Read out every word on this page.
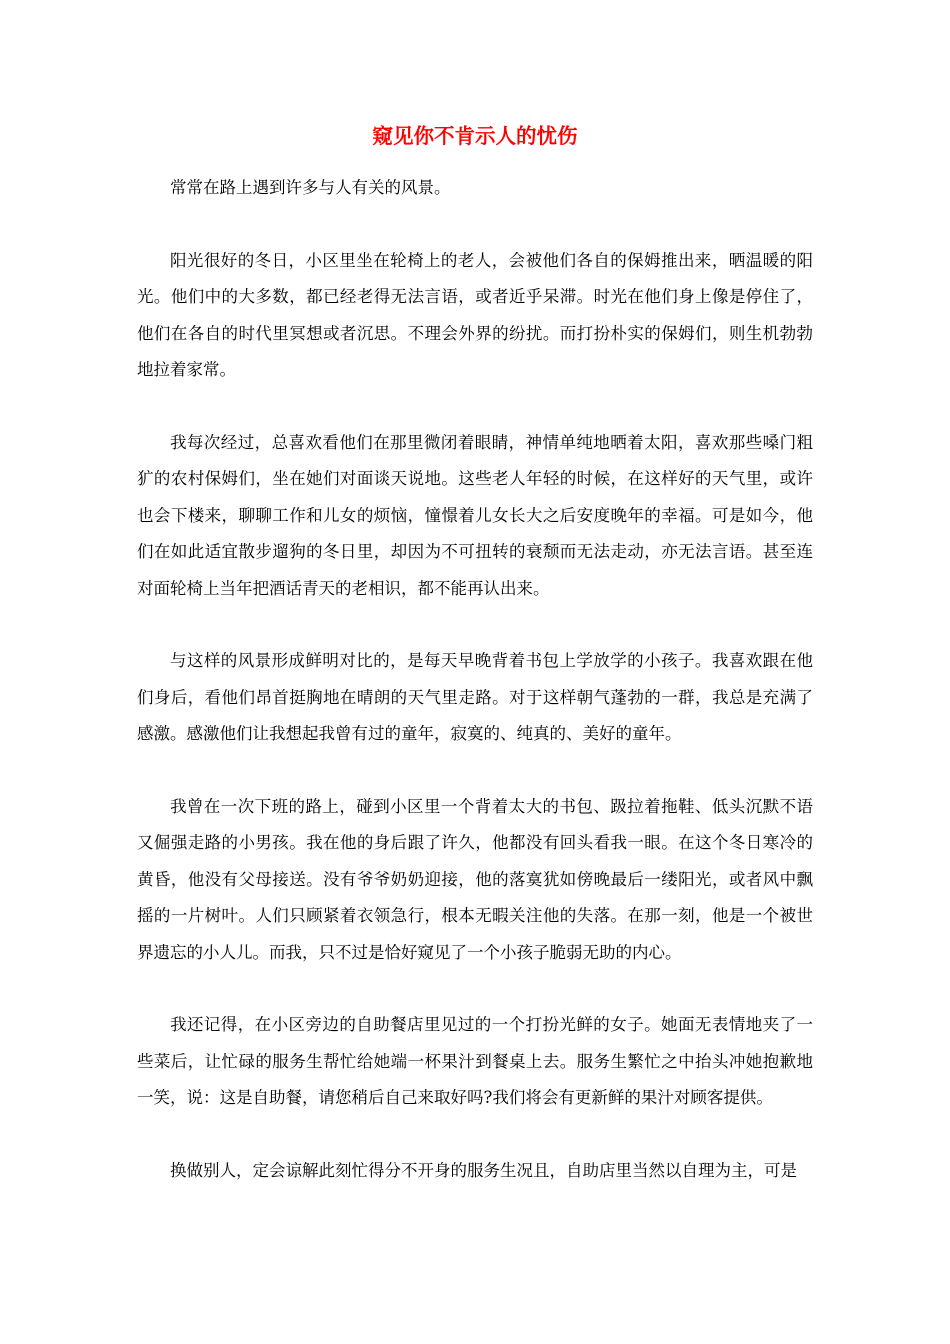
窥见你不肯示人的忧伤

常常在路上遇到许多与人有关的风景。

阳光很好的冬日，小区里坐在轮椅上的老人，会被他们各自的保姆推出来，晒温暖的阳光。他们中的大多数，都已经老得无法言语，或者近乎呆滞。时光在他们身上像是停住了，他们在各自的时代里冥想或者沉思。不理会外界的纷扰。而打扮朴实的保姆们，则生机勃勃地拉着家常。

我每次经过，总喜欢看他们在那里微闭着眼睛，神情单纯地晒着太阳，喜欢那些嗓门粗犷的农村保姆们，坐在她们对面谈天说地。这些老人年轻的时候，在这样好的天气里，或许也会下楼来，聊聊工作和儿女的烦恼，憧憬着儿女长大之后安度晚年的幸福。可是如今，他们在如此适宜散步遛狗的冬日里，却因为不可扭转的衰颓而无法走动，亦无法言语。甚至连对面轮椅上当年把酒话青天的老相识，都不能再认出来。

与这样的风景形成鲜明对比的，是每天早晚背着书包上学放学的小孩子。我喜欢跟在他们身后，看他们昂首挺胸地在晴朗的天气里走路。对于这样朝气蓬勃的一群，我总是充满了感激。感激他们让我想起我曾有过的童年，寂寞的、纯真的、美好的童年。

我曾在一次下班的路上，碰到小区里一个背着太大的书包、趿拉着拖鞋、低头沉默不语又倔强走路的小男孩。我在他的身后跟了许久，他都没有回头看我一眼。在这个冬日寒冷的黄昏，他没有父母接送。没有爷爷奶奶迎接，他的落寞犹如傍晚最后一缕阳光，或者风中飘摇的一片树叶。人们只顾紧着衣领急行，根本无暇关注他的失落。在那一刻，他是一个被世界遗忘的小人儿。而我，只不过是恰好窥见了一个小孩子脆弱无助的内心。

我还记得，在小区旁边的自助餐店里见过的一个打扮光鲜的女子。她面无表情地夹了一些菜后，让忙碌的服务生帮忙给她端一杯果汁到餐桌上去。服务生繁忙之中抬头冲她抱歉地一笑，说：这是自助餐，请您稍后自己来取好吗?我们将会有更新鲜的果汁对顾客提供。

换做别人，定会谅解此刻忙得分不开身的服务生况且，自助店里当然以自理为主，可是
